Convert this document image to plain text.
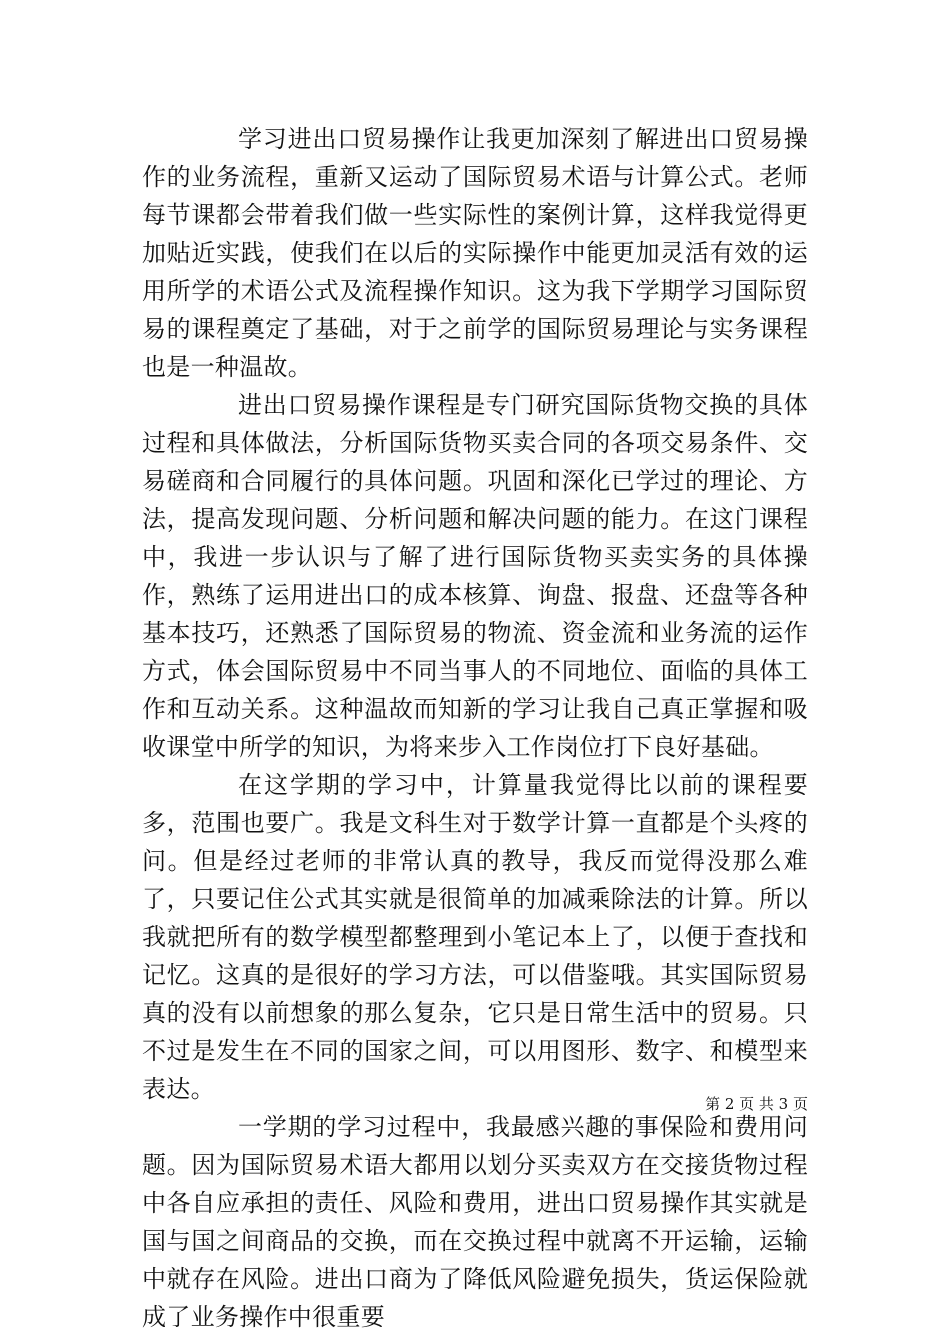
学习进出口贸易操作让我更加深刻了解进出口贸易操作的业务流程，重新又运动了国际贸易术语与计算公式。老师每节课都会带着我们做一些实际性的案例计算，这样我觉得更加贴近实践，使我们在以后的实际操作中能更加灵活有效的运用所学的术语公式及流程操作知识。这为我下学期学习国际贸易的课程奠定了基础，对于之前学的国际贸易理论与实务课程也是一种温故。

进出口贸易操作课程是专门研究国际货物交换的具体过程和具体做法，分析国际货物买卖合同的各项交易条件、交易磋商和合同履行的具体问题。巩固和深化已学过的理论、方法，提高发现问题、分析问题和解决问题的能力。在这门课程中，我进一步认识与了解了进行国际货物买卖实务的具体操作，熟练了运用进出口的成本核算、询盘、报盘、还盘等各种基本技巧，还熟悉了国际贸易的物流、资金流和业务流的运作方式，体会国际贸易中不同当事人的不同地位、面临的具体工作和互动关系。这种温故而知新的学习让我自己真正掌握和吸收课堂中所学的知识，为将来步入工作岗位打下良好基础。

在这学期的学习中，计算量我觉得比以前的课程要多，范围也要广。我是文科生对于数学计算一直都是个头疼的问。但是经过老师的非常认真的教导，我反而觉得没那么难了，只要记住公式其实就是很简单的加减乘除法的计算。所以我就把所有的数学模型都整理到小笔记本上了，以便于查找和记忆。这真的是很好的学习方法，可以借鉴哦。其实国际贸易真的没有以前想象的那么复杂，它只是日常生活中的贸易。只不过是发生在不同的国家之间，可以用图形、数字、和模型来表达。

一学期的学习过程中，我最感兴趣的事保险和费用问题。因为国际贸易术语大都用以划分买卖双方在交接货物过程中各自应承担的责任、风险和费用，进出口贸易操作其实就是国与国之间商品的交换，而在交换过程中就离不开运输，运输中就存在风险。进出口商为了降低风险避免损失，货运保险就成了业务操作中很重要

第 2 页 共 3 页
